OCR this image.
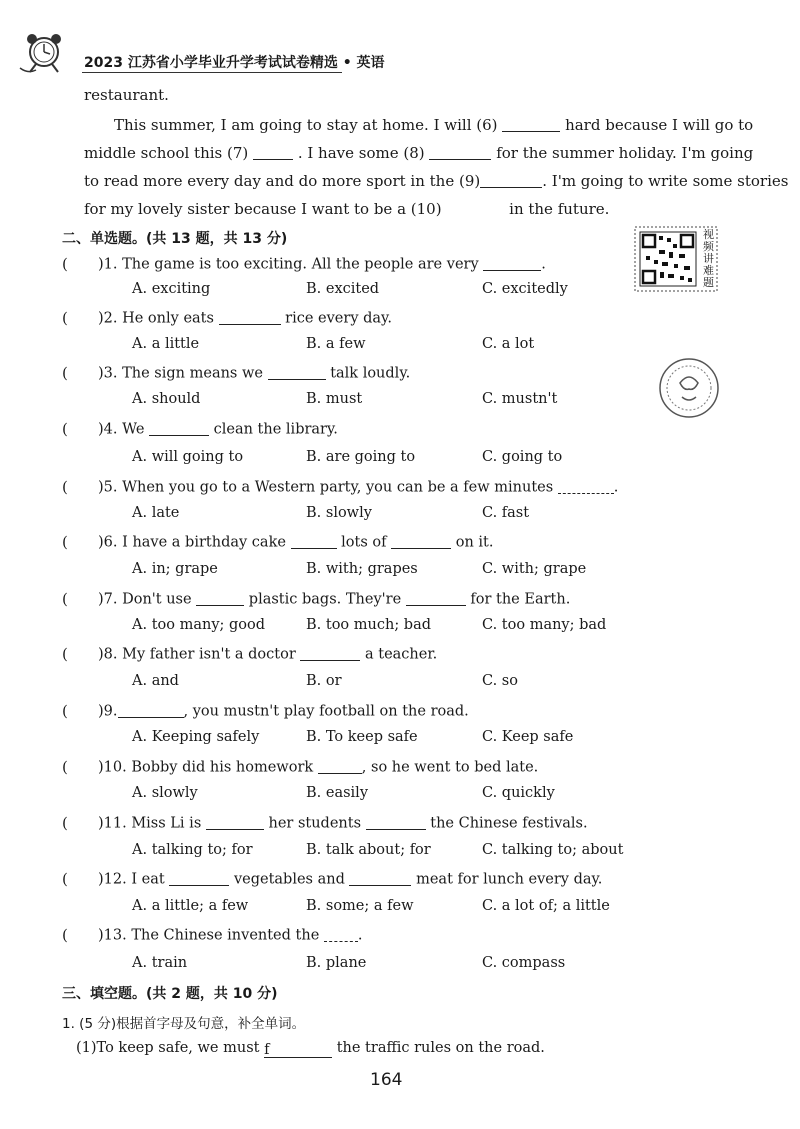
2023 江苏省小学毕业升学考试试卷精选 • 英语
restaurant.
This summer, I am going to stay at home. I will (6)	hard because I will go to
middle school this (7)	. I have some (8)	for the summer holiday. I'm going
to read more every day and do more sport in the (9)	. I'm going to write some stories
for my lovely sister because I want to be a (10)	in the future.
视频讲难题
二、单选题。(共 13 题，共 13 分)
( )1. The game is too exciting. All the people are very	.
A. exciting	B. excited	C. excitedly
( )2. He only eats	rice every day.
A. a little	B. a few	C. a lot
( )3. The sign means we	talk loudly.
A. should	B. must	C. mustn't
( )4. We	clean the library.
A. will going to	B. are going to	C. going to
( )5. When you go to a Western party, you can be a few minutes	.
A. late	B. slowly	C. fast
( )6. I have a birthday cake	lots of	on it.
A. in; grape	B. with; grapes	C. with; grape
( )7. Don't use	plastic bags. They're	for the Earth.
A. too many; good	B. too much; bad	C. too many; bad
( )8. My father isn't a doctor	a teacher.
A. and	B. or	C. so
( )9.	, you mustn't play football on the road.
A. Keeping safely	B. To keep safe	C. Keep safe
( )10. Bobby did his homework	, so he went to bed late.
A. slowly	B. easily	C. quickly
( )11. Miss Li is	her students	the Chinese festivals.
A. talking to; for	B. talk about; for	C. talking to; about
( )12. I eat	vegetables and	meat for lunch every day.
A. a little; a few	B. some; a few	C. a lot of; a little
( )13. The Chinese invented the	.
A. train	B. plane	C. compass
三、填空题。(共 2 题，共 10 分)
1. (5 分)根据首字母及句意，补全单词。
(1)To keep safe, we must f	the traffic rules on the road.
164
